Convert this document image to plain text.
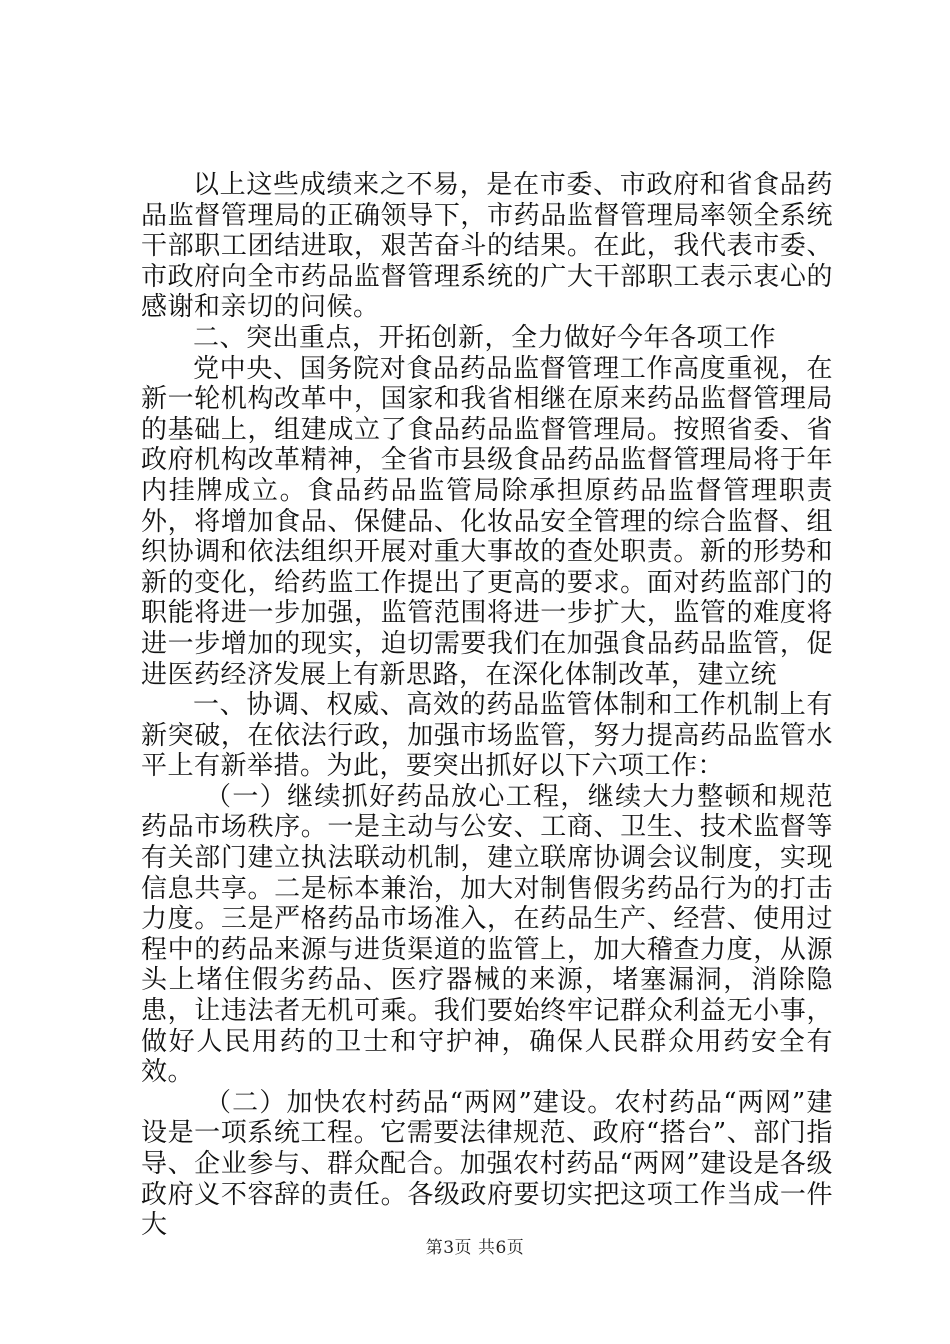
以上这些成绩来之不易，是在市委、市政府和省食品药品监督管理局的正确领导下，市药品监督管理局率领全系统干部职工团结进取，艰苦奋斗的结果。在此，我代表市委、市政府向全市药品监督管理系统的广大干部职工表示衷心的感谢和亲切的问候。

二、突出重点，开拓创新，全力做好今年各项工作

党中央、国务院对食品药品监督管理工作高度重视，在新一轮机构改革中，国家和我省相继在原来药品监督管理局的基础上，组建成立了食品药品监督管理局。按照省委、省政府机构改革精神，全省市县级食品药品监督管理局将于年内挂牌成立。食品药品监管局除承担原药品监督管理职责外，将增加食品、保健品、化妆品安全管理的综合监督、组织协调和依法组织开展对重大事故的查处职责。新的形势和新的变化，给药监工作提出了更高的要求。面对药监部门的职能将进一步加强，监管范围将进一步扩大，监管的难度将进一步增加的现实，迫切需要我们在加强食品药品监管，促进医药经济发展上有新思路，在深化体制改革，建立统

一、协调、权威、高效的药品监管体制和工作机制上有新突破，在依法行政，加强市场监管，努力提高药品监管水平上有新举措。为此，要突出抓好以下六项工作：

（一）继续抓好药品放心工程，继续大力整顿和规范药品市场秩序。一是主动与公安、工商、卫生、技术监督等有关部门建立执法联动机制，建立联席协调会议制度，实现信息共享。二是标本兼治，加大对制售假劣药品行为的打击力度。三是严格药品市场准入，在药品生产、经营、使用过程中的药品来源与进货渠道的监管上，加大稽查力度，从源头上堵住假劣药品、医疗器械的来源，堵塞漏洞，消除隐患，让违法者无机可乘。我们要始终牢记群众利益无小事，做好人民用药的卫士和守护神，确保人民群众用药安全有效。

（二）加快农村药品“两网”建设。农村药品“两网”建设是一项系统工程。它需要法律规范、政府“搭台”、部门指导、企业参与、群众配合。加强农村药品“两网”建设是各级政府义不容辞的责任。各级政府要切实把这项工作当成一件大

第3页 共6页
